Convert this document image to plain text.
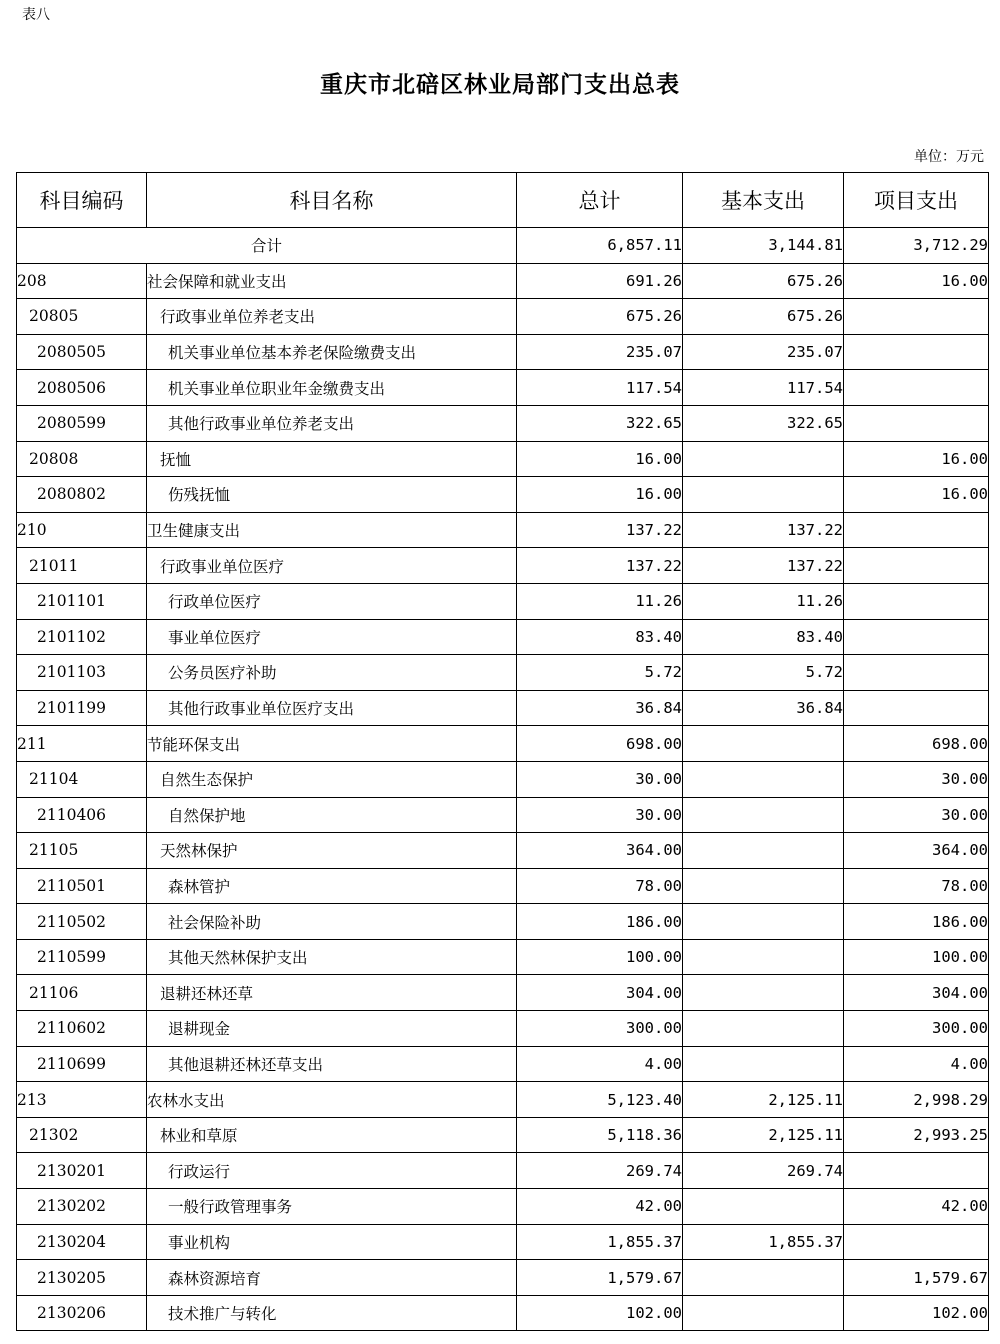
表八
重庆市北碚区林业局部门支出总表
单位：万元
科目编码	科目名称	总计	基本支出	项目支出
合计		6,857.11	3,144.81	3,712.29
208	社会保障和就业支出	691.26	675.26	16.00
20805	行政事业单位养老支出	675.26	675.26	
2080505	机关事业单位基本养老保险缴费支出	235.07	235.07	
2080506	机关事业单位职业年金缴费支出	117.54	117.54	
2080599	其他行政事业单位养老支出	322.65	322.65	
20808	抚恤	16.00		16.00
2080802	伤残抚恤	16.00		16.00
210	卫生健康支出	137.22	137.22	
21011	行政事业单位医疗	137.22	137.22	
2101101	行政单位医疗	11.26	11.26	
2101102	事业单位医疗	83.40	83.40	
2101103	公务员医疗补助	5.72	5.72	
2101199	其他行政事业单位医疗支出	36.84	36.84	
211	节能环保支出	698.00		698.00
21104	自然生态保护	30.00		30.00
2110406	自然保护地	30.00		30.00
21105	天然林保护	364.00		364.00
2110501	森林管护	78.00		78.00
2110502	社会保险补助	186.00		186.00
2110599	其他天然林保护支出	100.00		100.00
21106	退耕还林还草	304.00		304.00
2110602	退耕现金	300.00		300.00
2110699	其他退耕还林还草支出	4.00		4.00
213	农林水支出	5,123.40	2,125.11	2,998.29
21302	林业和草原	5,118.36	2,125.11	2,993.25
2130201	行政运行	269.74	269.74	
2130202	一般行政管理事务	42.00		42.00
2130204	事业机构	1,855.37	1,855.37	
2130205	森林资源培育	1,579.67		1,579.67
2130206	技术推广与转化	102.00		102.00
